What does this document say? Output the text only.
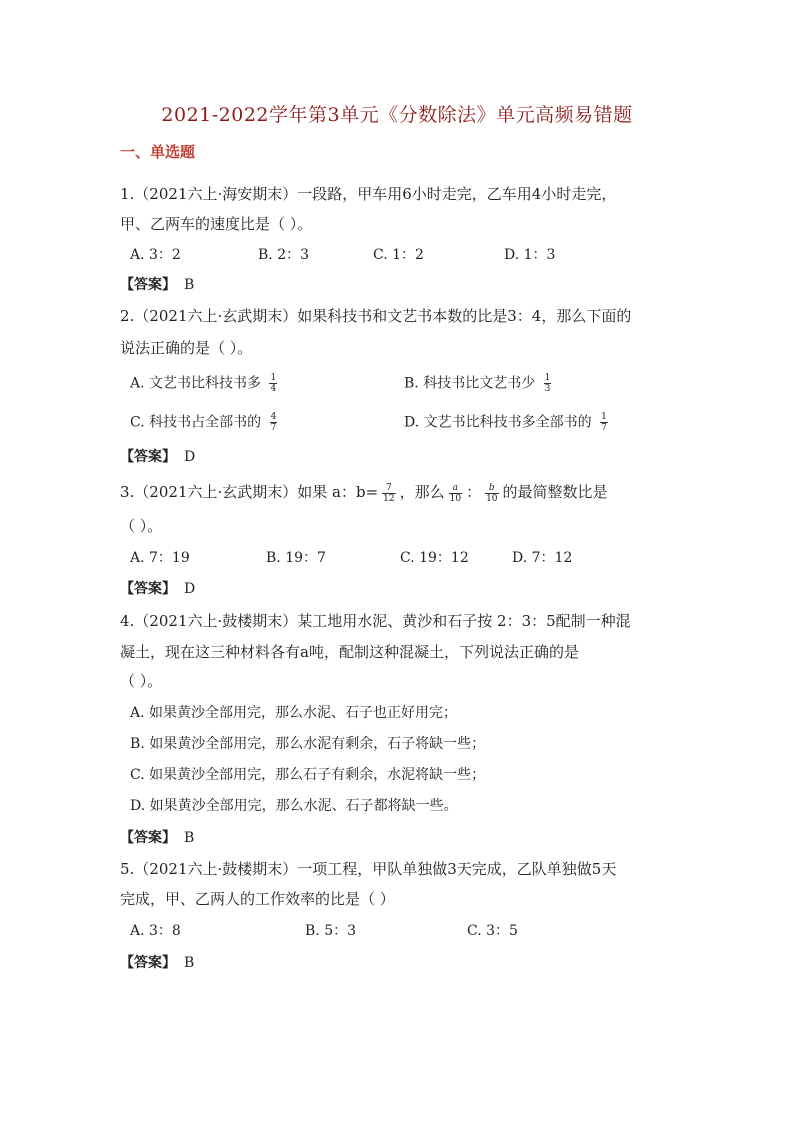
2021-2022学年第3单元《分数除法》单元高频易错题
一、单选题
1.（2021六上·海安期末）一段路，甲车用6小时走完，乙车用4小时走完，
甲、乙两车的速度比是（ ）。
A. 3：2	B. 2：3	C. 1：2	D. 1：3
【答案】 B
2.（2021六上·玄武期末）如果科技书和文艺书本数的比是3：4，那么下面的
说法正确的是（ ）。
A. 文艺书比科技书多 $\frac{1}{4}$	B. 科技书比文艺书少 $\frac{1}{3}$
C. 科技书占全部书的 $\frac{4}{7}$	D. 文艺书比科技书多全部书的 $\frac{1}{7}$
【答案】 D
3.（2021六上·玄武期末）如果 a：$b= \frac{7}{12}$ ，那么 $\frac{a}{10}$ ： $\frac{b}{10}$ 的最简整数比是
（ ）。
A. 7：19	B. 19：7	C. 19：12	D. 7：12
【答案】 D
4.（2021六上·鼓楼期末）某工地用水泥、黄沙和石子按 2：3：5配制一种混
凝土，现在这三种材料各有a吨，配制这种混凝土，下列说法正确的是
（ ）。
A. 如果黄沙全部用完，那么水泥、石子也正好用完；
B. 如果黄沙全部用完，那么水泥有剩余，石子将缺一些；
C. 如果黄沙全部用完，那么石子有剩余，水泥将缺一些；
D. 如果黄沙全部用完，那么水泥、石子都将缺一些。
【答案】 B
5.（2021六上·鼓楼期末）一项工程，甲队单独做3天完成，乙队单独做5天
完成，甲、乙两人的工作效率的比是（ ）
A. 3：8	B. 5：3	C. 3：5
【答案】 B
